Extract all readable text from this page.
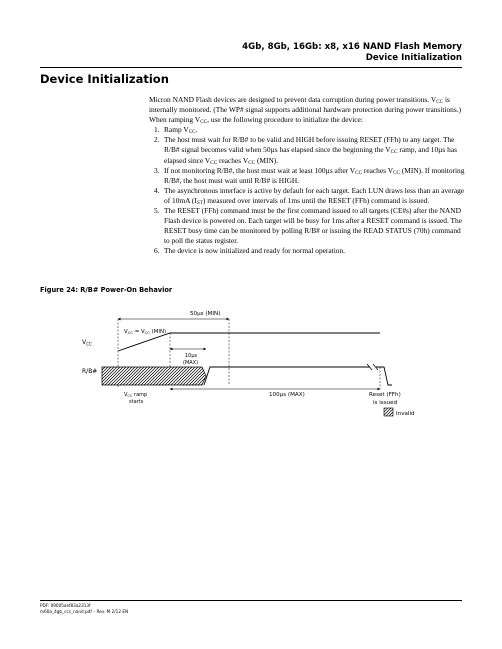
4Gb, 8Gb, 16Gb: x8, x16 NAND Flash Memory
Device Initialization
Device Initialization

Micron NAND Flash devices are designed to prevent data corruption during power transitions. $V_{CC}$ is internally monitored. (The WP# signal supports additional hardware protection during power transitions.) When ramping $V_{CC}$, use the following procedure to initialize the device:

1. Ramp $V_{CC}$.
2. The host must wait for R/B# to be valid and HIGH before issuing RESET (FFh) to any target. The R/B# signal becomes valid when 50µs has elapsed since the beginning the $V_{CC}$ ramp, and 10µs has elapsed since $V_{CC}$ reaches $V_{CC}$ (MIN).
3. If not monitoring R/B#, the host must wait at least 100µs after $V_{CC}$ reaches $V_{CC}$ (MIN). If monitoring R/B#, the host must wait until R/B# is HIGH.
4. The asynchronous interface is active by default for each target. Each LUN draws less than an average of 10mA $(I_{ST})$ measured over intervals of 1ms until the RESET (FFh) command is issued.
5. The RESET (FFh) command must be the first command issued to all targets (CE#s) after the NAND Flash device is powered on. Each target will be busy for 1ms after a RESET command is issued. The RESET busy time can be monitored by polling R/B# or issuing the READ STATUS (70h) command to poll the status register.
6. The device is now initialized and ready for normal operation.
Figure 24: R/B# Power-On Behavior
50µs (MIN)
$V_{CC} = V_{CC}$ (MIN)
$V_{CC}$
10µs
(MAX)
R/B#
100µs (MAX)
$V_{CC}$ ramp
starts
Reset (FFh)
is issued
Invalid
PDF: 09005aef83a2313f
m60a_4gb_ccc_nand.pdf – Rev. M 2/12 EN
